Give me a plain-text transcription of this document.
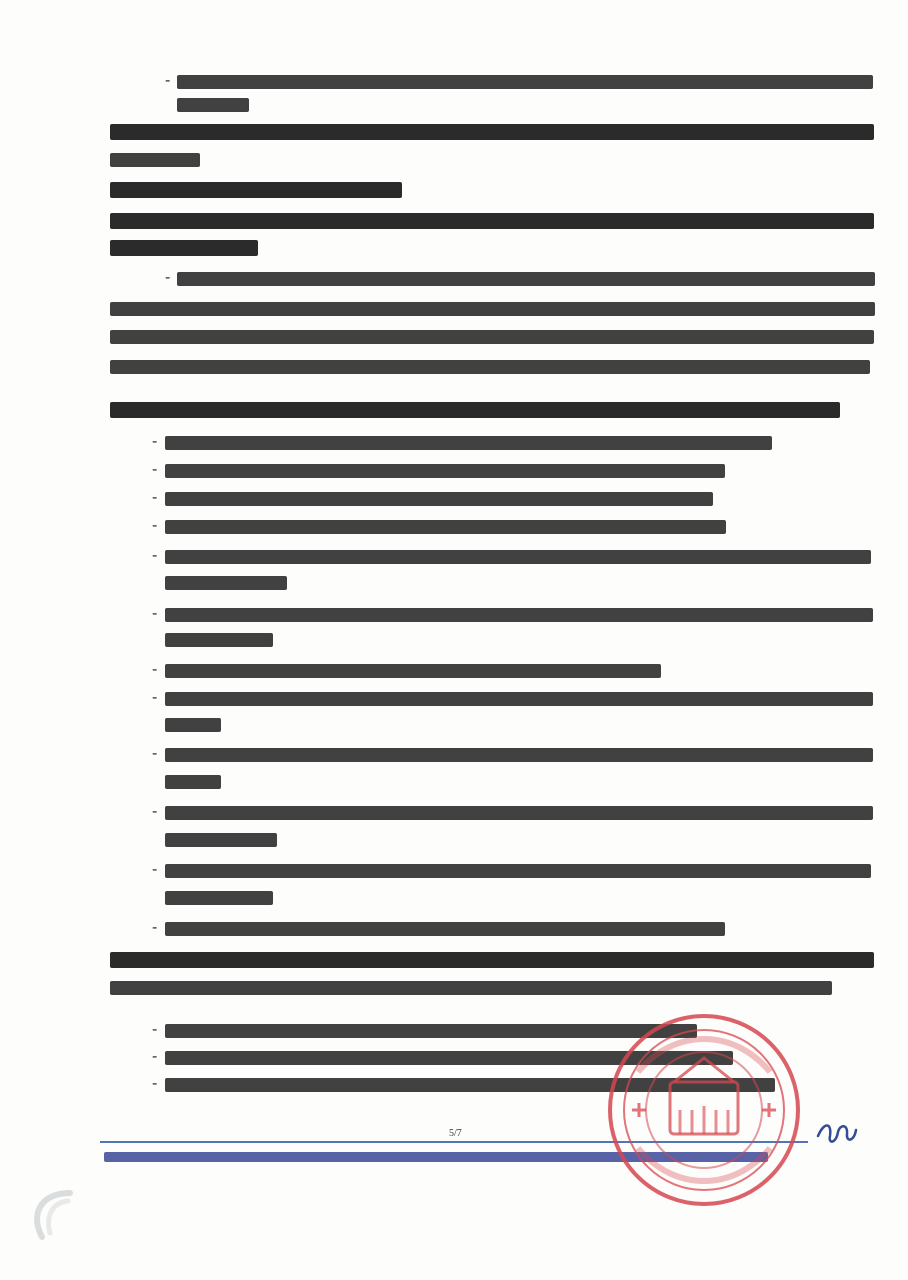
-
-
-
-
-
-
-
-
-
-
-
-
-
-
-
-
-
5/7
